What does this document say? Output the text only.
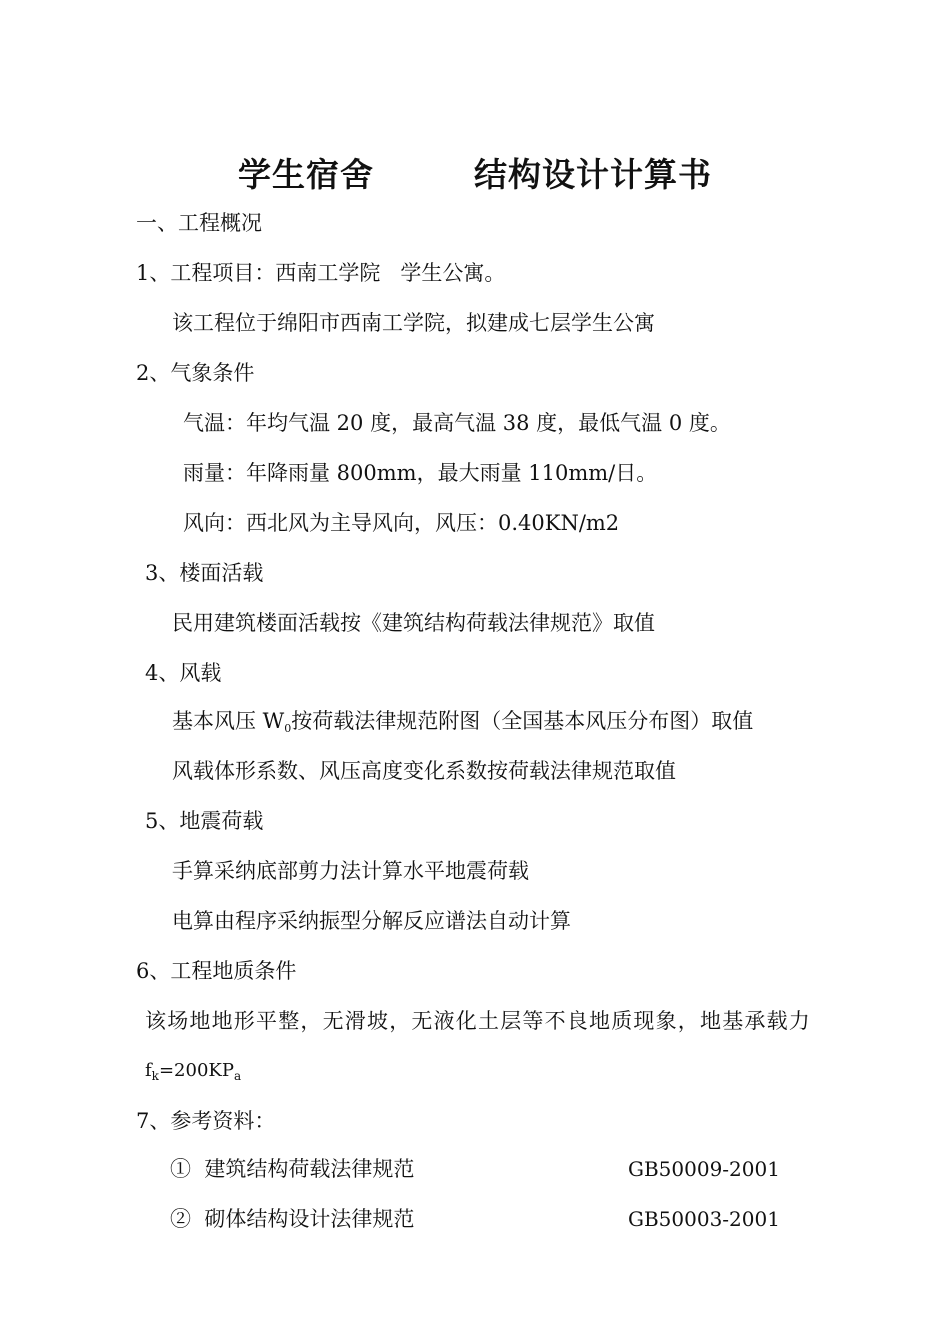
学生宿舍        结构设计计算书
一、工程概况
1、工程项目：西南工学院   学生公寓。
该工程位于绵阳市西南工学院，拟建成七层学生公寓
2、气象条件
气温：年均气温 20 度，最高气温 38 度，最低气温 0 度。
雨量：年降雨量 800mm，最大雨量 110mm/日。
风向：西北风为主导风向，风压：0.40KN/m2
3、楼面活载
民用建筑楼面活载按《建筑结构荷载法律规范》取值
4、风载
基本风压 W0按荷载法律规范附图（全国基本风压分布图）取值
风载体形系数、风压高度变化系数按荷载法律规范取值
5、地震荷载
手算采纳底部剪力法计算水平地震荷载
电算由程序采纳振型分解反应谱法自动计算
6、工程地质条件
该场地地形平整，无滑坡，无液化土层等不良地质现象，地基承载力
$f_k=200KP_a$
7、参考资料：
①  建筑结构荷载法律规范	GB50009-2001
②  砌体结构设计法律规范	GB50003-2001
